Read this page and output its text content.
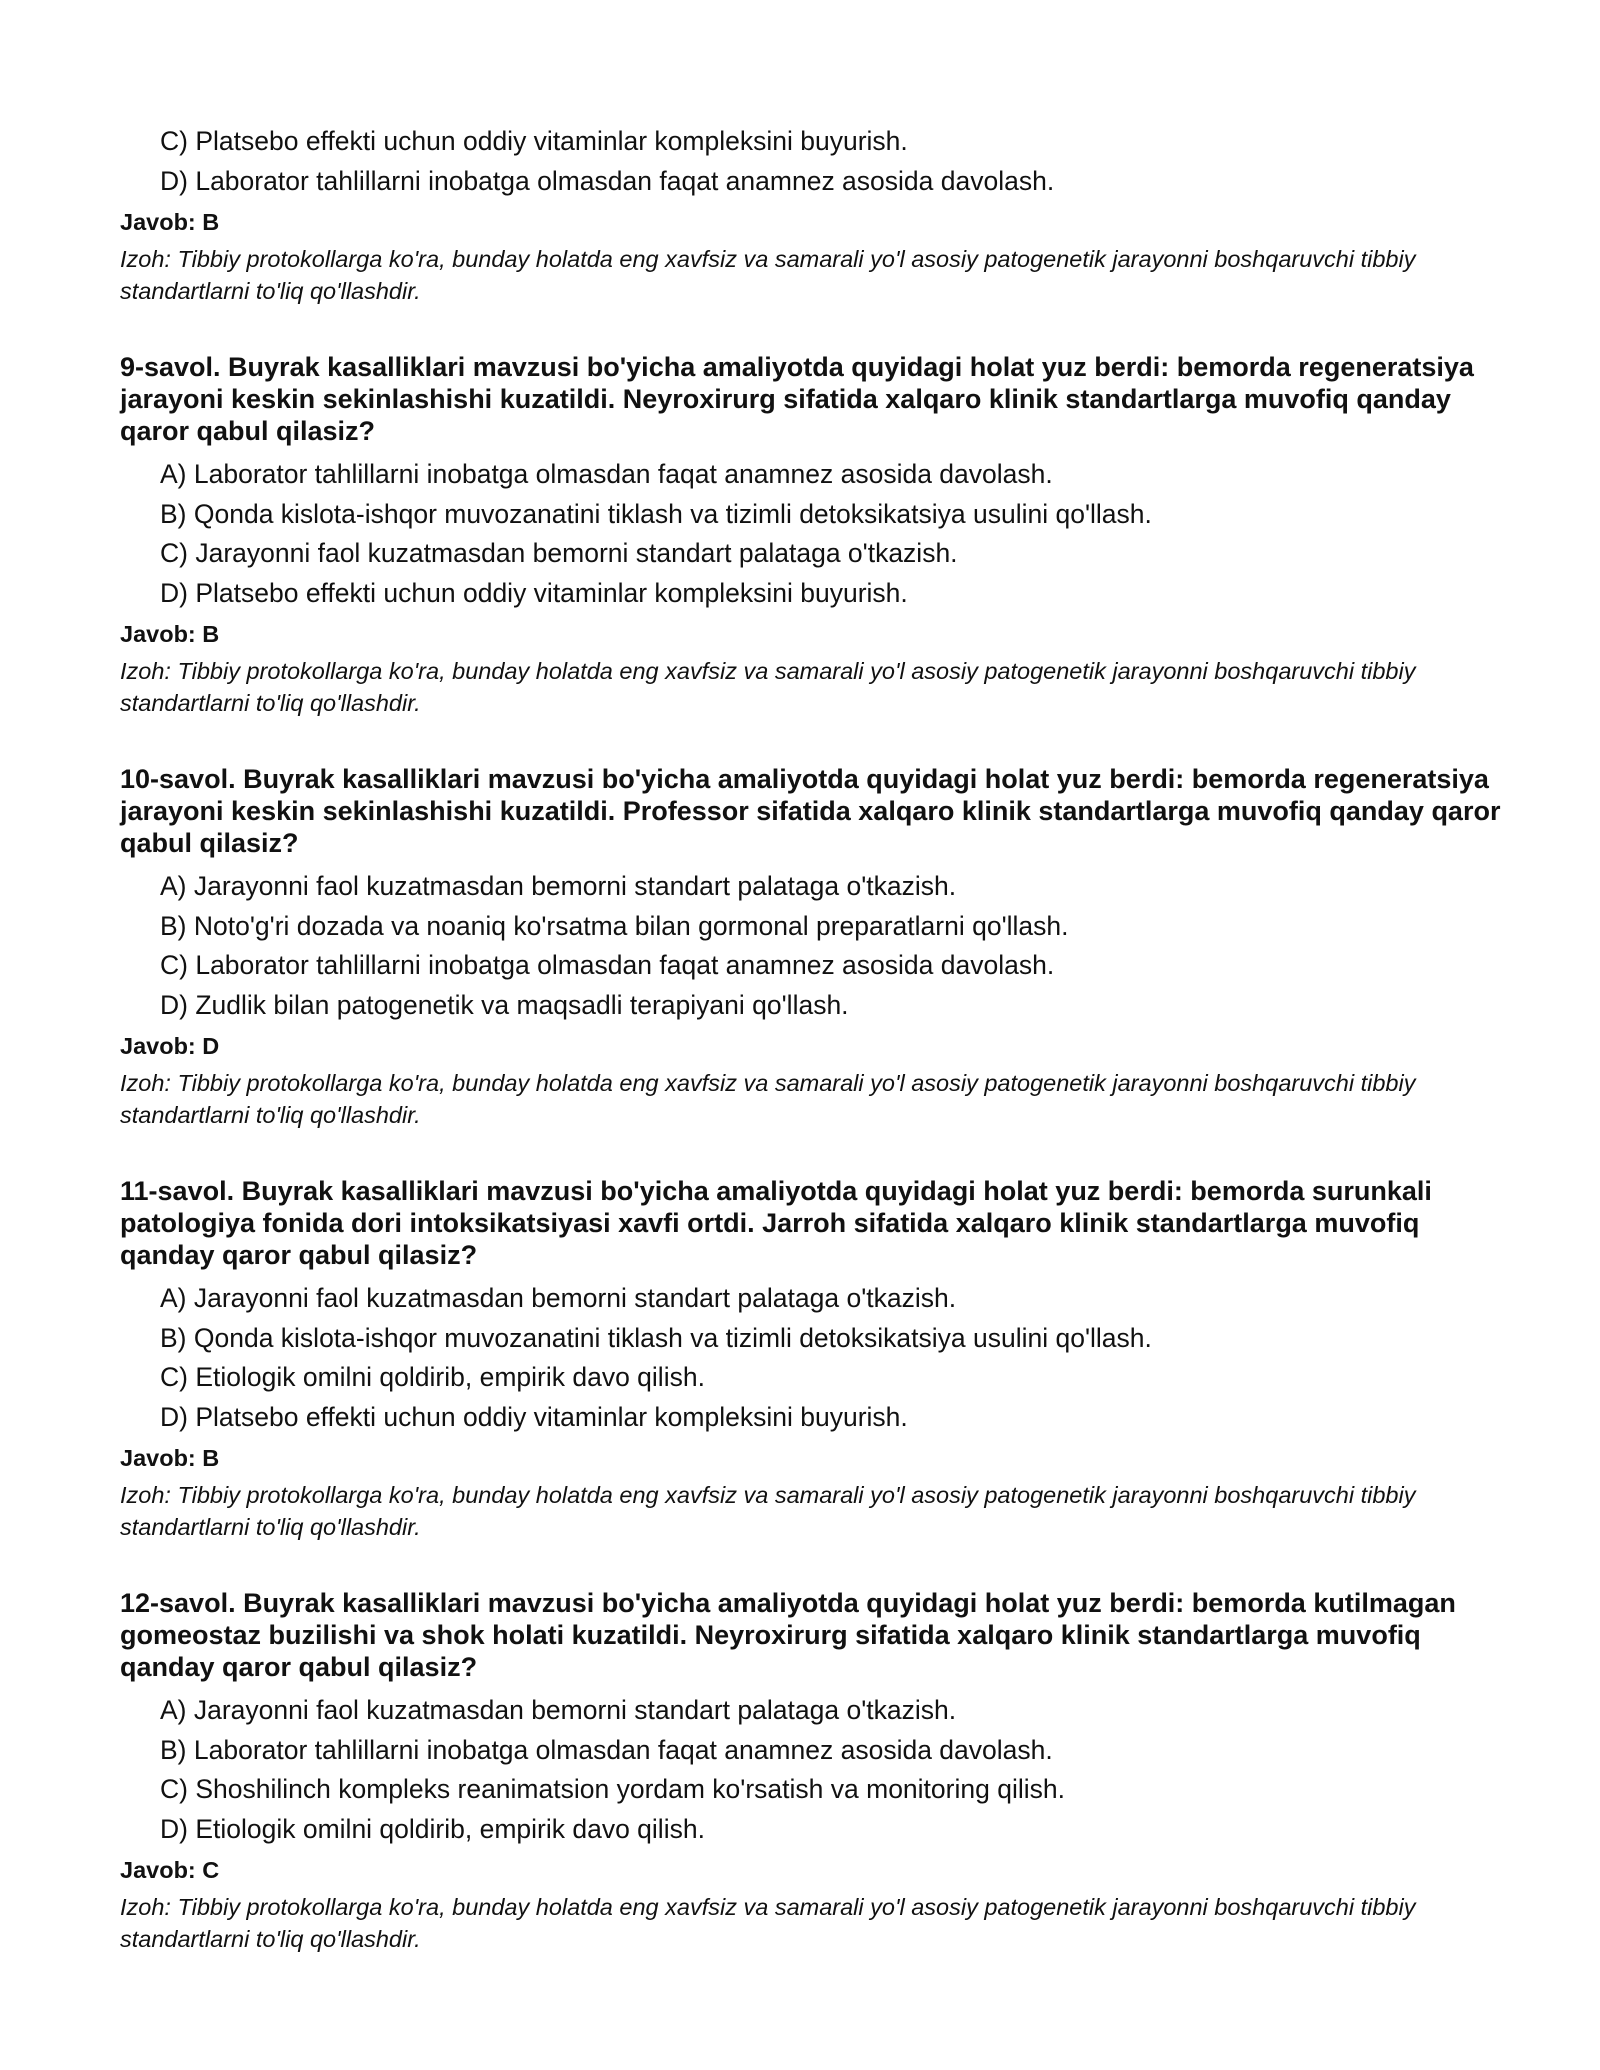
C) Platsebo effekti uchun oddiy vitaminlar kompleksini buyurish.
D) Laborator tahlillarni inobatga olmasdan faqat anamnez asosida davolash.
Javob: B
Izoh: Tibbiy protokollarga ko'ra, bunday holatda eng xavfsiz va samarali yo'l asosiy patogenetik jarayonni boshqaruvchi tibbiy standartlarni to'liq qo'llashdir.
9-savol. Buyrak kasalliklari mavzusi bo'yicha amaliyotda quyidagi holat yuz berdi: bemorda regeneratsiya jarayoni keskin sekinlashishi kuzatildi. Neyroxirurg sifatida xalqaro klinik standartlarga muvofiq qanday qaror qabul qilasiz?
A) Laborator tahlillarni inobatga olmasdan faqat anamnez asosida davolash.
B) Qonda kislota-ishqor muvozanatini tiklash va tizimli detoksikatsiya usulini qo'llash.
C) Jarayonni faol kuzatmasdan bemorni standart palataga o'tkazish.
D) Platsebo effekti uchun oddiy vitaminlar kompleksini buyurish.
Javob: B
Izoh: Tibbiy protokollarga ko'ra, bunday holatda eng xavfsiz va samarali yo'l asosiy patogenetik jarayonni boshqaruvchi tibbiy standartlarni to'liq qo'llashdir.
10-savol. Buyrak kasalliklari mavzusi bo'yicha amaliyotda quyidagi holat yuz berdi: bemorda regeneratsiya jarayoni keskin sekinlashishi kuzatildi. Professor sifatida xalqaro klinik standartlarga muvofiq qanday qaror qabul qilasiz?
A) Jarayonni faol kuzatmasdan bemorni standart palataga o'tkazish.
B) Noto'g'ri dozada va noaniq ko'rsatma bilan gormonal preparatlarni qo'llash.
C) Laborator tahlillarni inobatga olmasdan faqat anamnez asosida davolash.
D) Zudlik bilan patogenetik va maqsadli terapiyani qo'llash.
Javob: D
Izoh: Tibbiy protokollarga ko'ra, bunday holatda eng xavfsiz va samarali yo'l asosiy patogenetik jarayonni boshqaruvchi tibbiy standartlarni to'liq qo'llashdir.
11-savol. Buyrak kasalliklari mavzusi bo'yicha amaliyotda quyidagi holat yuz berdi: bemorda surunkali patologiya fonida dori intoksikatsiyasi xavfi ortdi. Jarroh sifatida xalqaro klinik standartlarga muvofiq qanday qaror qabul qilasiz?
A) Jarayonni faol kuzatmasdan bemorni standart palataga o'tkazish.
B) Qonda kislota-ishqor muvozanatini tiklash va tizimli detoksikatsiya usulini qo'llash.
C) Etiologik omilni qoldirib, empirik davo qilish.
D) Platsebo effekti uchun oddiy vitaminlar kompleksini buyurish.
Javob: B
Izoh: Tibbiy protokollarga ko'ra, bunday holatda eng xavfsiz va samarali yo'l asosiy patogenetik jarayonni boshqaruvchi tibbiy standartlarni to'liq qo'llashdir.
12-savol. Buyrak kasalliklari mavzusi bo'yicha amaliyotda quyidagi holat yuz berdi: bemorda kutilmagan gomeostaz buzilishi va shok holati kuzatildi. Neyroxirurg sifatida xalqaro klinik standartlarga muvofiq qanday qaror qabul qilasiz?
A) Jarayonni faol kuzatmasdan bemorni standart palataga o'tkazish.
B) Laborator tahlillarni inobatga olmasdan faqat anamnez asosida davolash.
C) Shoshilinch kompleks reanimatsion yordam ko'rsatish va monitoring qilish.
D) Etiologik omilni qoldirib, empirik davo qilish.
Javob: C
Izoh: Tibbiy protokollarga ko'ra, bunday holatda eng xavfsiz va samarali yo'l asosiy patogenetik jarayonni boshqaruvchi tibbiy standartlarni to'liq qo'llashdir.
